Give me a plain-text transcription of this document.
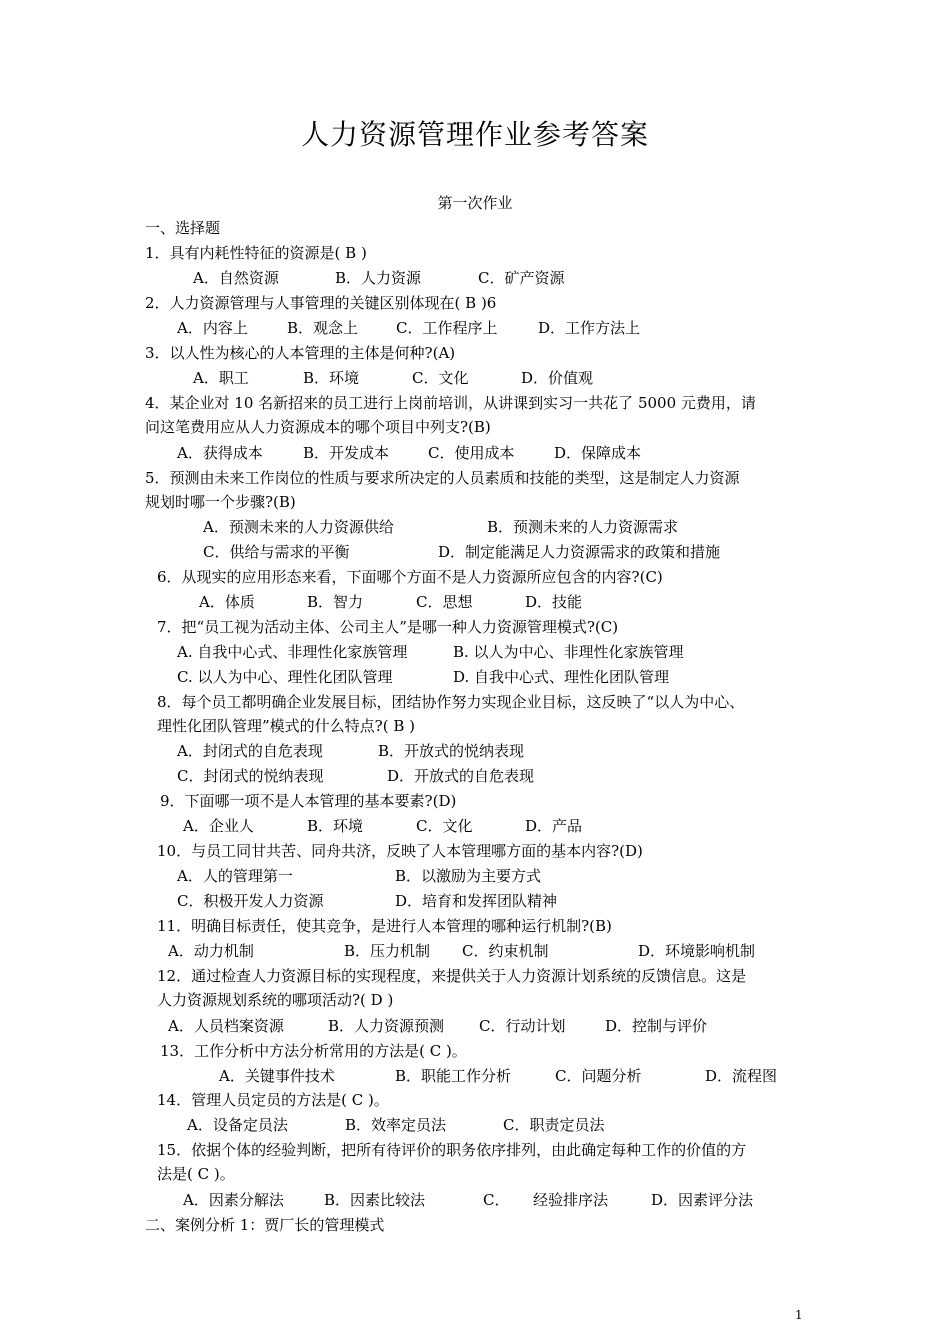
人力资源管理作业参考答案
第一次作业
一、选择题
1．具有内耗性特征的资源是( B )
A．自然资源	B．人力资源	C．矿产资源
2．人力资源管理与人事管理的关键区别体现在( B )6
A．内容上	B．观念上	C．工作程序上	D．工作方法上
3．以人性为核心的人本管理的主体是何种?(A)
A．职工	B．环境	C．文化	D．价值观
4．某企业对 10 名新招来的员工进行上岗前培训，从讲课到实习一共花了 5000 元费用，请
问这笔费用应从人力资源成本的哪个项目中列支?(B)
A．获得成本	B．开发成本	C．使用成本	D．保障成本
5．预测由未来工作岗位的性质与要求所决定的人员素质和技能的类型，这是制定人力资源
规划时哪一个步骤?(B)
A．预测未来的人力资源供给	B．预测未来的人力资源需求
C．供给与需求的平衡	D．制定能满足人力资源需求的政策和措施
6．从现实的应用形态来看，下面哪个方面不是人力资源所应包含的内容?(C)
A．体质	B．智力	C．思想	D．技能
7．把“员工视为活动主体、公司主人”是哪一种人力资源管理模式?(C)
A. 自我中心式、非理性化家族管理	B. 以人为中心、非理性化家族管理
C. 以人为中心、理性化团队管理	D. 自我中心式、理性化团队管理
8．每个员工都明确企业发展目标，团结协作努力实现企业目标，这反映了“以人为中心、
理性化团队管理”模式的什么特点?( B )
A．封闭式的自危表现	B．开放式的悦纳表现
C．封闭式的悦纳表现	D．开放式的自危表现
9．下面哪一项不是人本管理的基本要素?(D)
A．企业人	B．环境	C．文化	D．产品
10．与员工同甘共苦、同舟共济，反映了人本管理哪方面的基本内容?(D)
A．人的管理第一	B．以激励为主要方式
C．积极开发人力资源	D．培育和发挥团队精神
11．明确目标责任，使其竞争，是进行人本管理的哪种运行机制?(B)
A．动力机制	B．压力机制 C．约束机制	D．环境影响机制
12．通过检查人力资源目标的实现程度，来提供关于人力资源计划系统的反馈信息。这是
人力资源规划系统的哪项活动?( D )
A．人员档案资源	B．人力资源预测 C．行动计划	D．控制与评价
13．工作分析中方法分析常用的方法是( C )。
A．关键事件技术	B．职能工作分析	C．问题分析	D．流程图
14．管理人员定员的方法是( C )。
A．设备定员法	B．效率定员法	C．职责定员法
15．依据个体的经验判断，把所有待评价的职务依序排列，由此确定每种工作的价值的方
法是( C )。
A．因素分解法	B．因素比较法	C． 经验排序法	D．因素评分法
二、案例分析 1：贾厂长的管理模式
1
